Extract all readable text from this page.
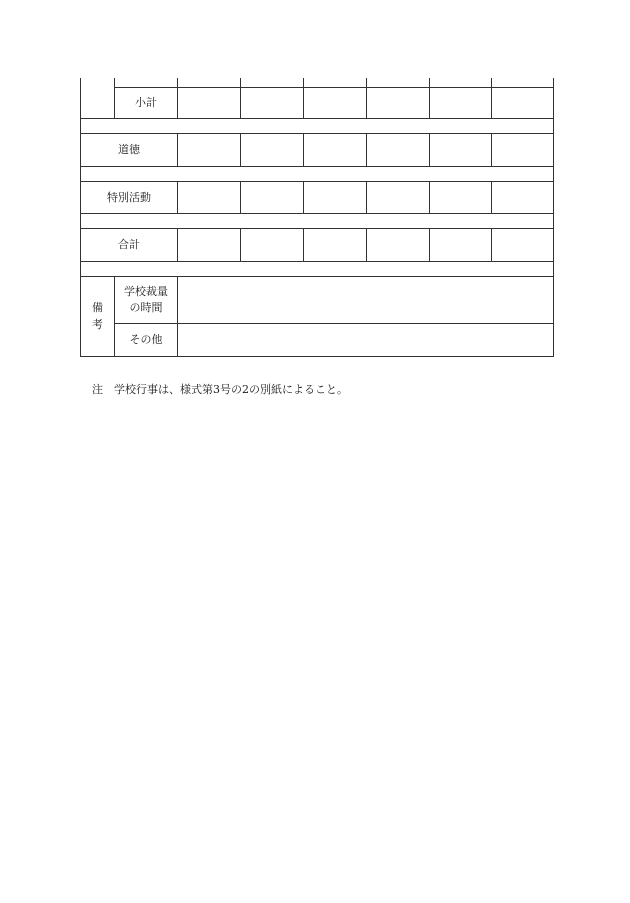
	小計						

道徳							

特別活動							

合計							

備考	学校裁量の時間						
	その他						
注 学校行事は、様式第3号の2の別紙によること。
